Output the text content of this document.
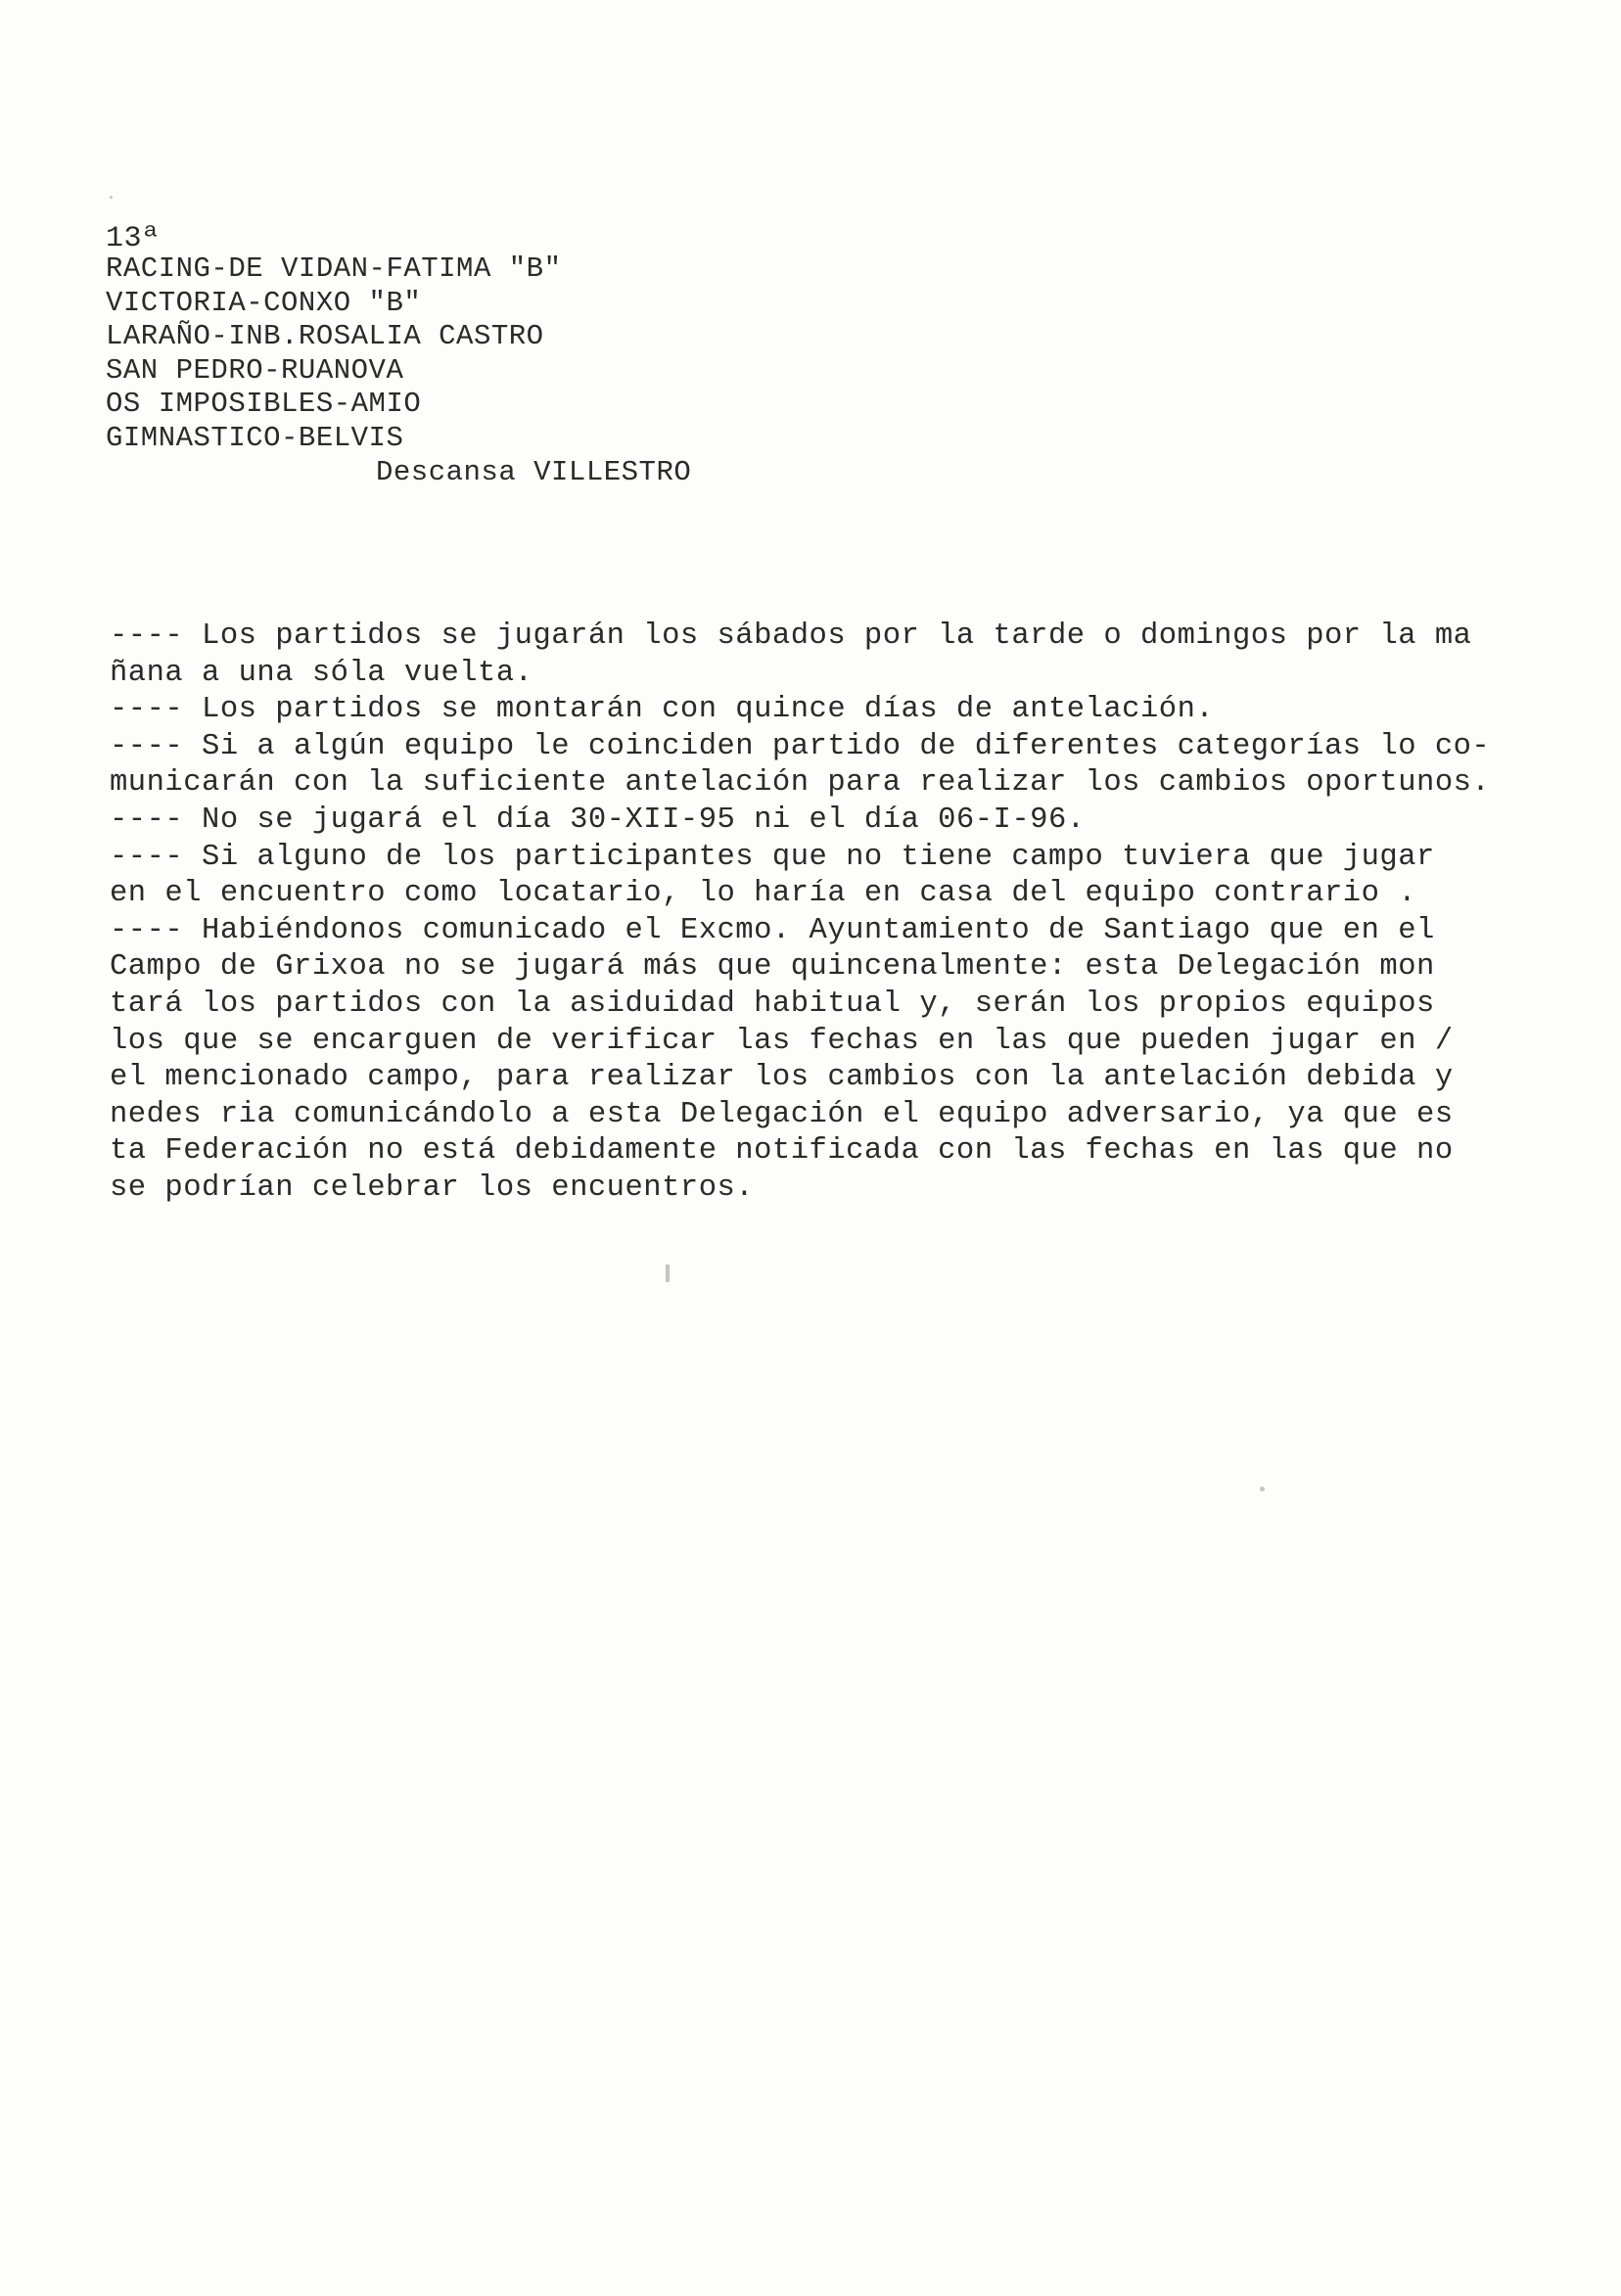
13ª
RACING-DE VIDAN-FATIMA "B"
VICTORIA-CONXO "B"
LARAÑO-INB.ROSALIA CASTRO
SAN PEDRO-RUANOVA
OS IMPOSIBLES-AMIO
GIMNASTICO-BELVIS
Descansa VILLESTRO
---- Los partidos se jugarán los sábados por la tarde o domingos por la ma
ñana a una sóla vuelta.
---- Los partidos se montarán con quince días de antelación.
---- Si a algún equipo le coinciden partido de diferentes categorías lo co-
municarán con la suficiente antelación para realizar los cambios oportunos.
---- No se jugará el día 30-XII-95 ni el día 06-I-96.
---- Si alguno de los participantes que no tiene campo tuviera que jugar
en el encuentro como locatario, lo haría en casa del equipo contrario .
---- Habiéndonos comunicado el Excmo. Ayuntamiento de Santiago que en el
Campo de Grixoa no se jugará más que quincenalmente: esta Delegación mon
tará los partidos con la asiduidad habitual y, serán los propios equipos
los que se encarguen de verificar las fechas en las que pueden jugar en /
el mencionado campo, para realizar los cambios con la antelación debida y
nedes ria comunicándolo a esta Delegación el equipo adversario, ya que es
ta Federación no está debidamente notificada con las fechas en las que no
se podrían celebrar los encuentros.
